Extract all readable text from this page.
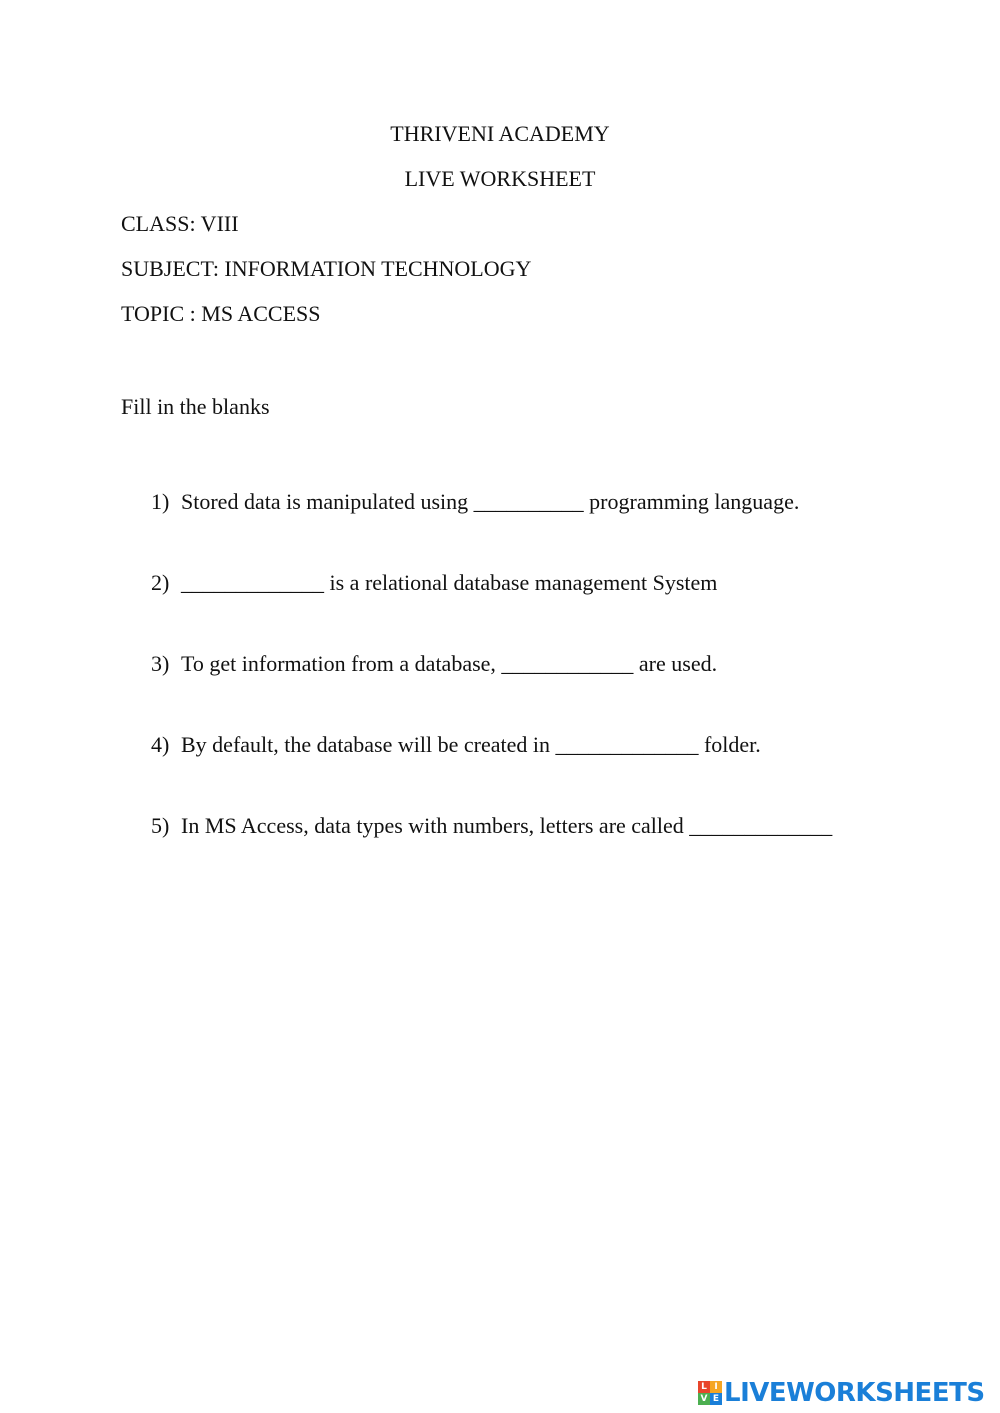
THRIVENI ACADEMY
LIVE WORKSHEET
CLASS: VIII
SUBJECT: INFORMATION TECHNOLOGY
TOPIC : MS ACCESS
Fill in the blanks
1) Stored data is manipulated using __________ programming language.
2) _____________ is a relational database management System
3) To get information from a database, ____________ are used.
4) By default, the database will be created in _____________ folder.
5) In MS Access, data types with numbers, letters are called _____________
L I
V E LIVEWORKSHEETS
